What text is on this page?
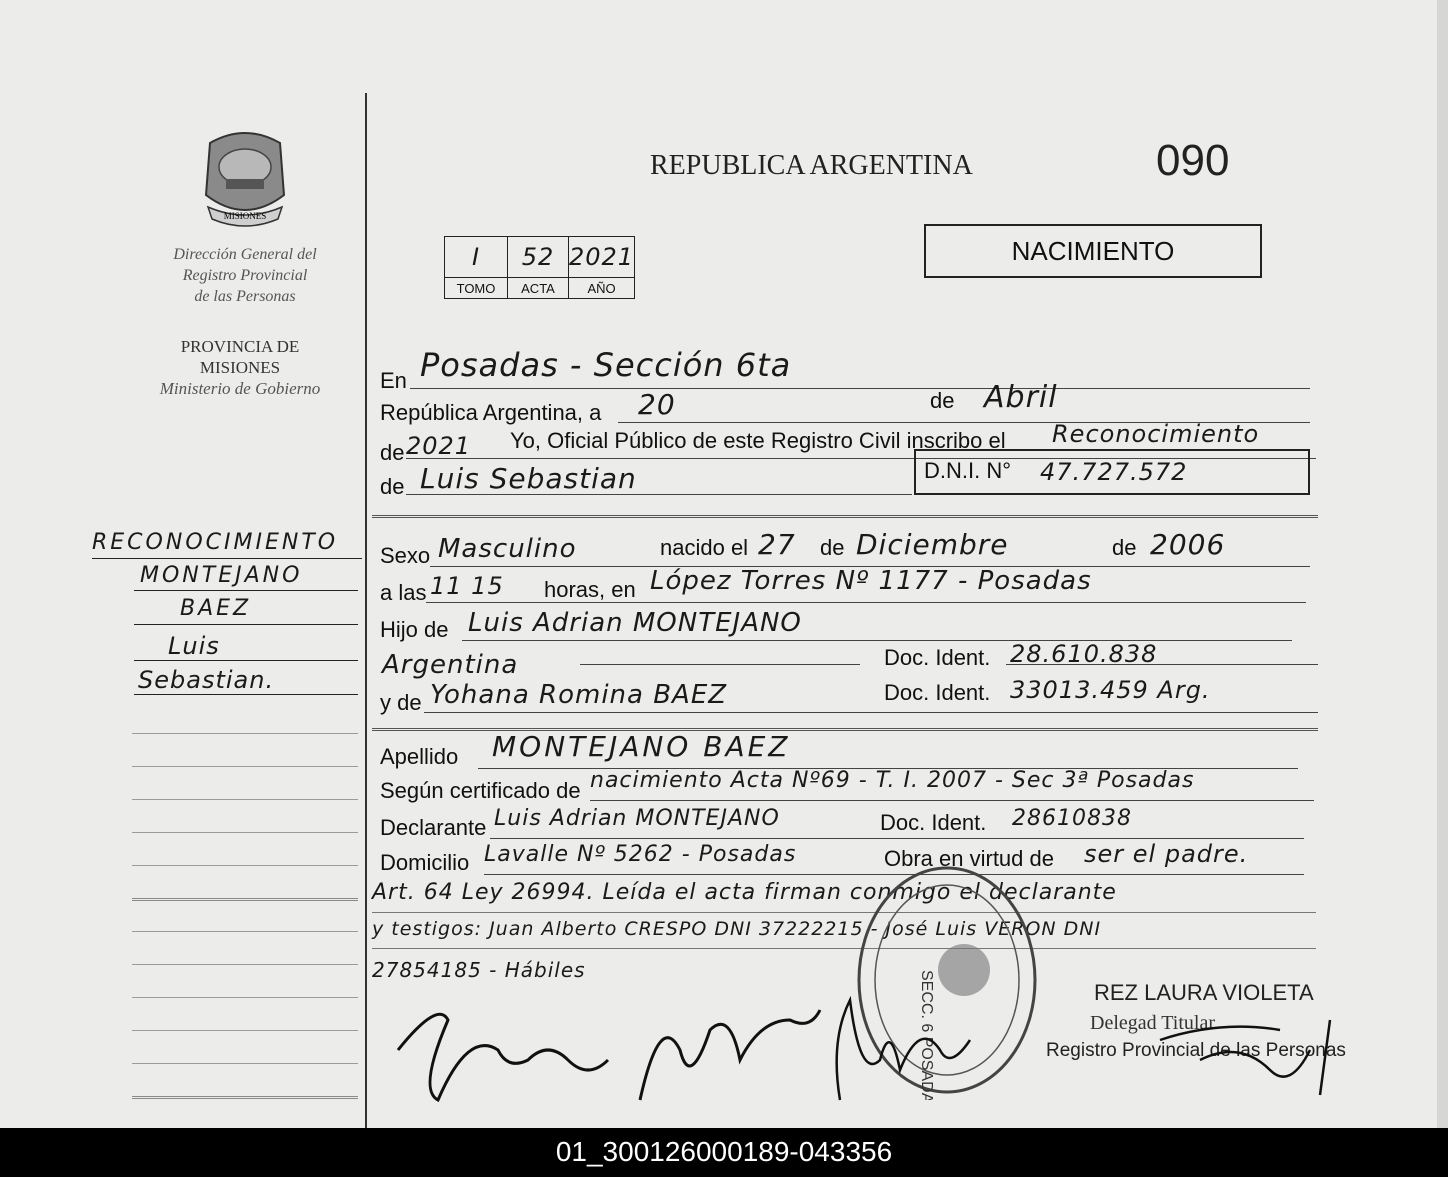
MISIONES
Dirección General del
Registro Provincial
de las Personas
PROVINCIA DE
MISIONES
Ministerio de Gobierno
RECONOCIMIENTO
MONTEJANO
BAEZ
Luis
Sebastian.
REPUBLICA ARGENTINA	090
NACIMIENTO
I	52	2021
TOMO	ACTA	AÑO
En Posadas - Sección 6ta
República Argentina, a 20	de Abril
de 2021 Yo, Oficial Público de este Registro Civil inscribo el Reconocimiento
de Luis Sebastian	D.N.I. N° 47.727.572
Sexo Masculino	nacido el 27 de Diciembre	de 2006
a las 11 15 horas, en López Torres Nº 1177 - Posadas
Hijo de Luis Adrian MONTEJANO
Argentina	Doc. Ident. 28.610.838
y de Yohana Romina BAEZ	Doc. Ident. 33013.459 Arg.
Apellido MONTEJANO BAEZ
Según certificado de nacimiento Acta Nº69 - T. I. 2007 - Sec 3ª Posadas
Declarante Luis Adrian MONTEJANO	Doc. Ident. 28610838
Domicilio Lavalle Nº 5262 - Posadas	Obra en virtud de ser el padre.
Art. 64 Ley 26994. Leída el acta firman conmigo el declarante
y testigos: Juan Alberto CRESPO DNI 37222215 - José Luis VERON DNI
27854185 - Hábiles
REZ LAURA VIOLETA
Delegad Titular
Registro Provincial de las Personas
SECC. 6 POSADAS
01_300126000189-043356
